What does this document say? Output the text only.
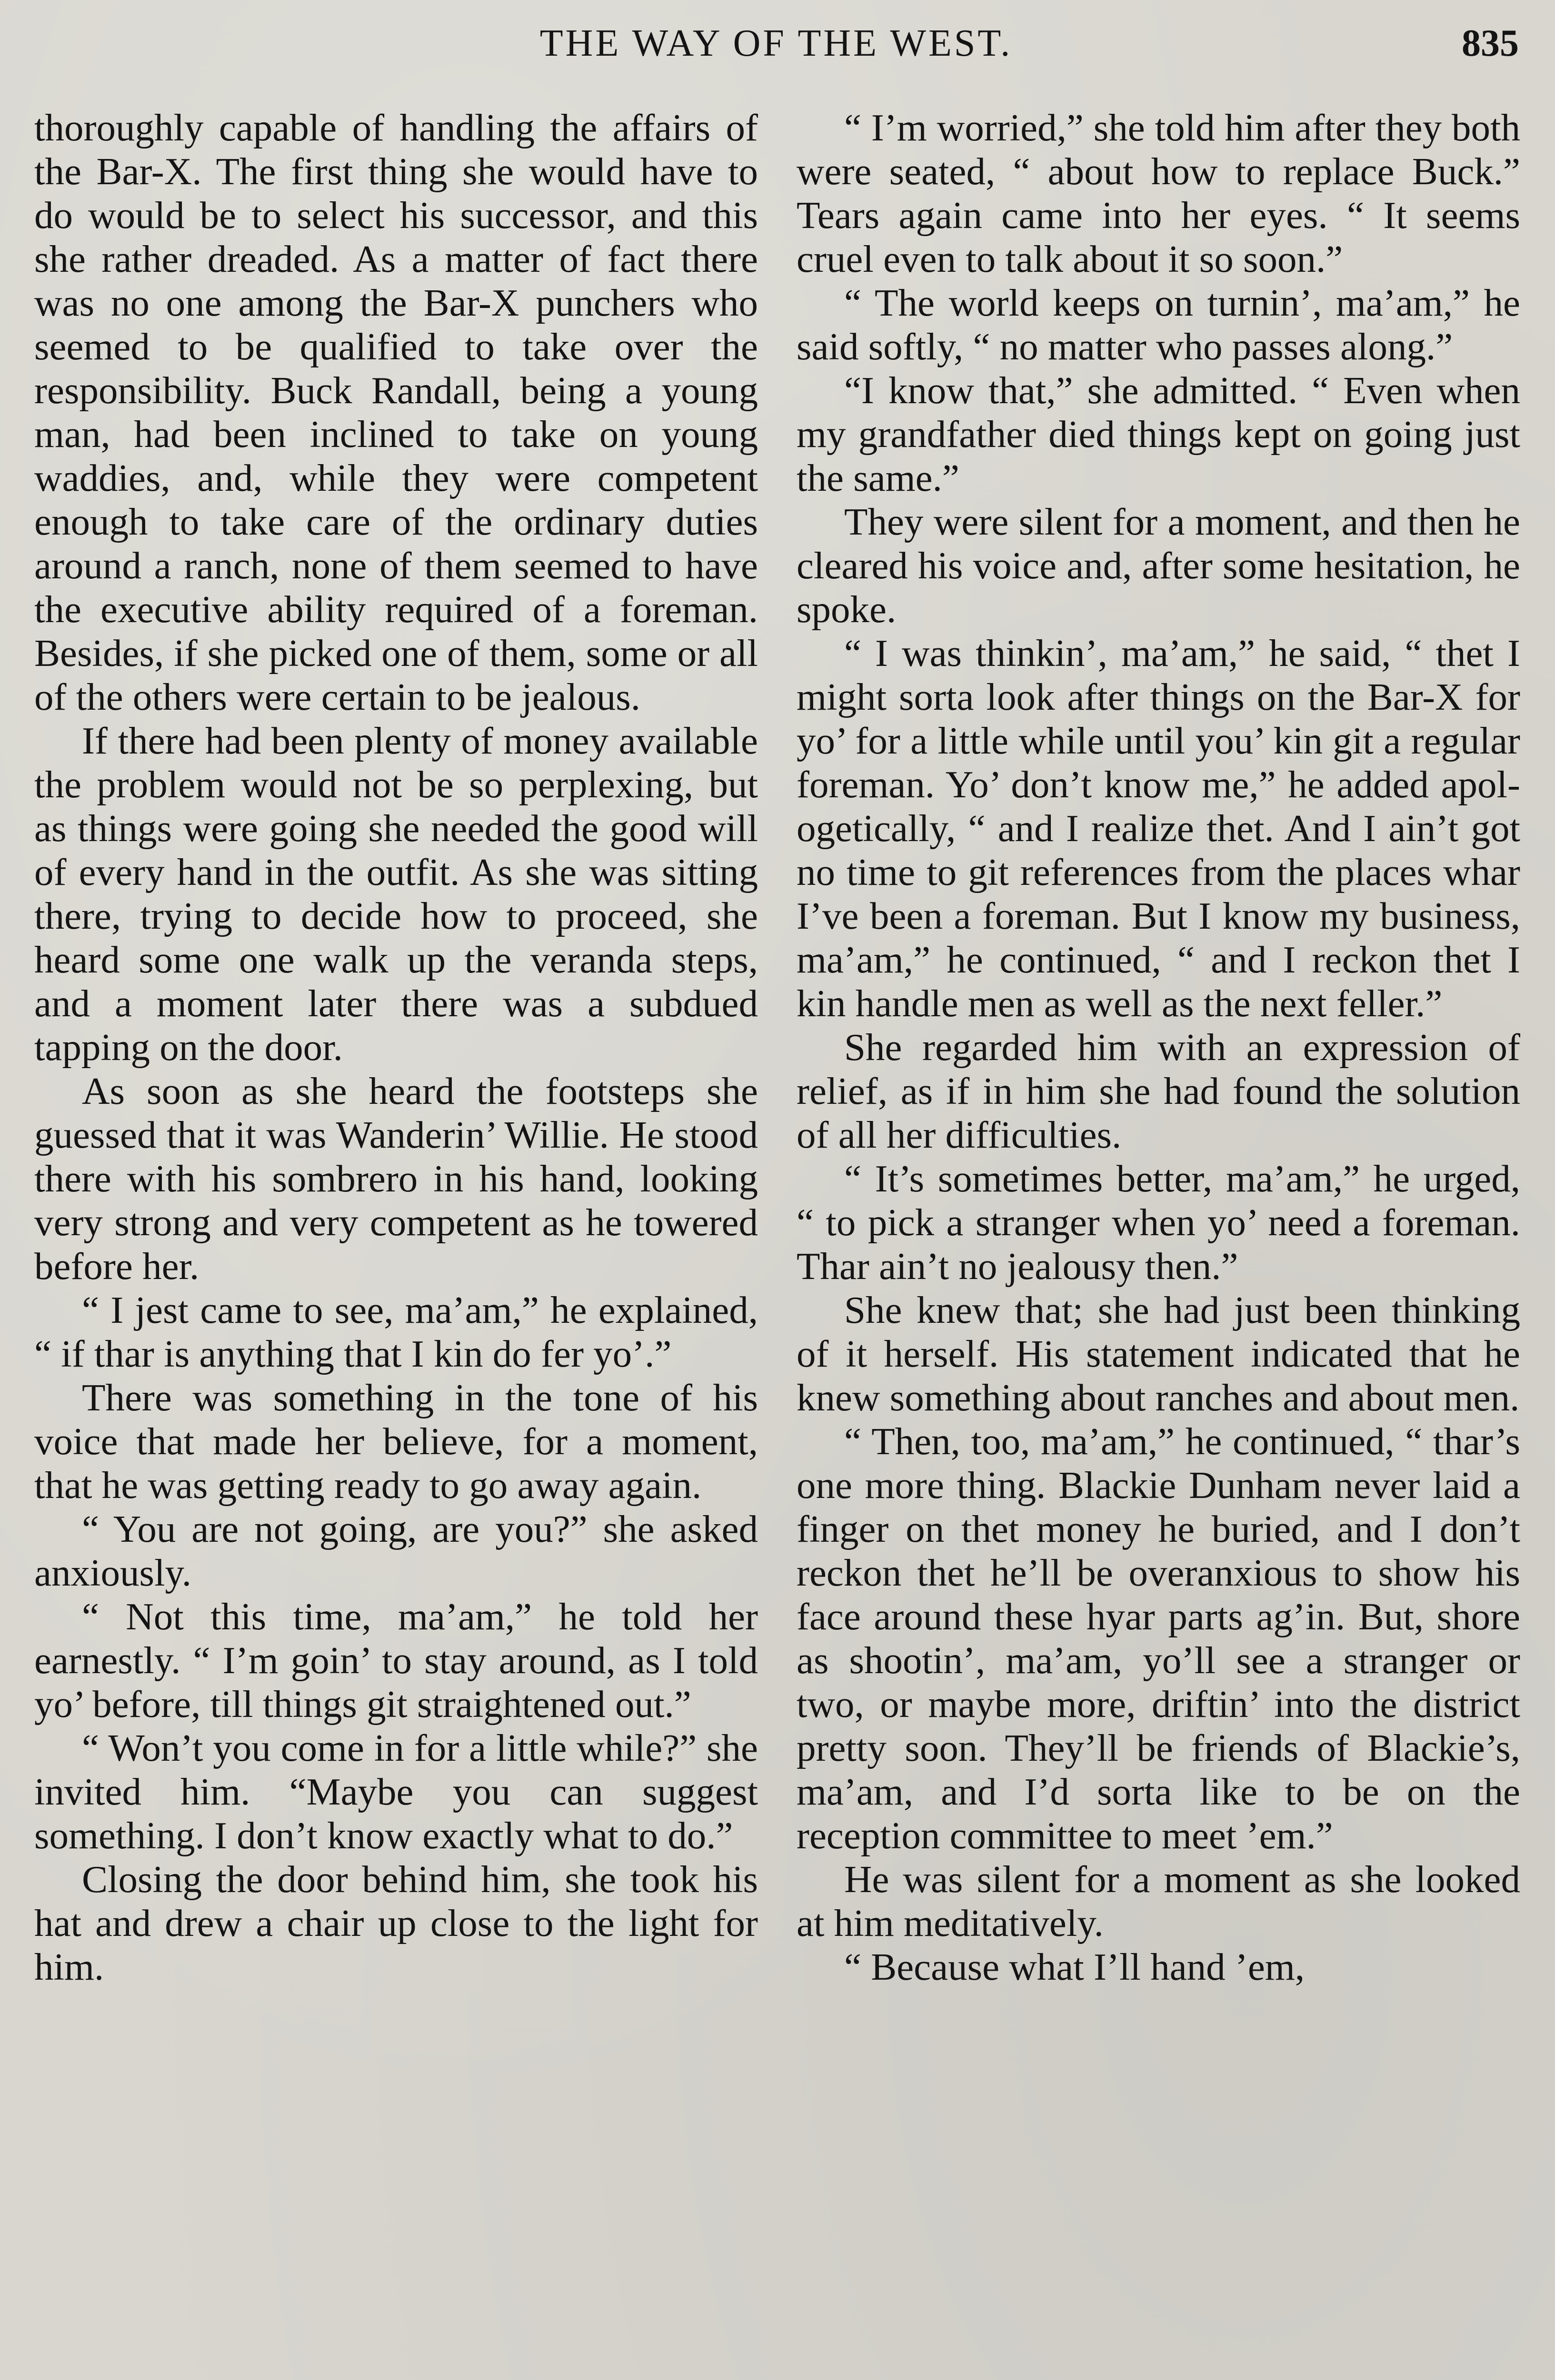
THE WAY OF THE WEST.	835

thoroughly capable of handling the affairs of the Bar-X. The first thing she would have to do would be to select his successor, and this she rather dreaded. As a matter of fact there was no one among the Bar-X punchers who seemed to be qualified to take over the responsibility. Buck Randall, being a young man, had been inclined to take on young waddies, and, while they were competent enough to take care of the ordinary duties around a ranch, none of them seemed to have the executive ability required of a foreman. Besides, if she picked one of them, some or all of the others were certain to be jealous.

If there had been plenty of money available the problem would not be so perplexing, but as things were going she needed the good will of every hand in the outfit. As she was sitting there, trying to decide how to proceed, she heard some one walk up the veranda steps, and a moment later there was a subdued tapping on the door.

As soon as she heard the footsteps she guessed that it was Wanderin’ Willie. He stood there with his sombrero in his hand, looking very strong and very competent as he towered before her.

“ I jest came to see, ma’am,” he explained, “ if thar is anything that I kin do fer yo’.”

There was something in the tone of his voice that made her believe, for a moment, that he was getting ready to go away again.

“ You are not going, are you?” she asked anxiously.

“ Not this time, ma’am,” he told her earnestly. “ I’m goin’ to stay around, as I told yo’ before, till things git straightened out.”

“ Won’t you come in for a little while?” she invited him. “Maybe you can suggest something. I don’t know exactly what to do.”

Closing the door behind him, she took his hat and drew a chair up close to the light for him.

“ I’m worried,” she told him after they both were seated, “ about how to replace Buck.” Tears again came into her eyes. “ It seems cruel even to talk about it so soon.”

“ The world keeps on turnin’, ma’am,” he said softly, “ no matter who passes along.”

“I know that,” she admitted. “ Even when my grandfather died things kept on going just the same.”

They were silent for a moment, and then he cleared his voice and, after some hesitation, he spoke.

“ I was thinkin’, ma’am,” he said, “ thet I might sorta look after things on the Bar-X for yo’ for a little while until you’ kin git a regular foreman. Yo’ don’t know me,” he added apologetically, “ and I realize thet. And I ain’t got no time to git references from the places whar I’ve been a foreman. But I know my business, ma’am,” he continued, “ and I reckon thet I kin handle men as well as the next feller.”

She regarded him with an expression of relief, as if in him she had found the solution of all her difficulties.

“ It’s sometimes better, ma’am,” he urged, “ to pick a stranger when yo’ need a foreman. Thar ain’t no jealousy then.”

She knew that; she had just been thinking of it herself. His statement indicated that he knew something about ranches and about men.

“ Then, too, ma’am,” he continued, “ thar’s one more thing. Blackie Dunham never laid a finger on thet money he buried, and I don’t reckon thet he’ll be overanxious to show his face around these hyar parts ag’in. But, shore as shootin’, ma’am, yo’ll see a stranger or two, or maybe more, driftin’ into the district pretty soon. They’ll be friends of Blackie’s, ma’am, and I’d sorta like to be on the reception committee to meet ’em.”

He was silent for a moment as she looked at him meditatively.

“ Because what I’ll hand ’em,
